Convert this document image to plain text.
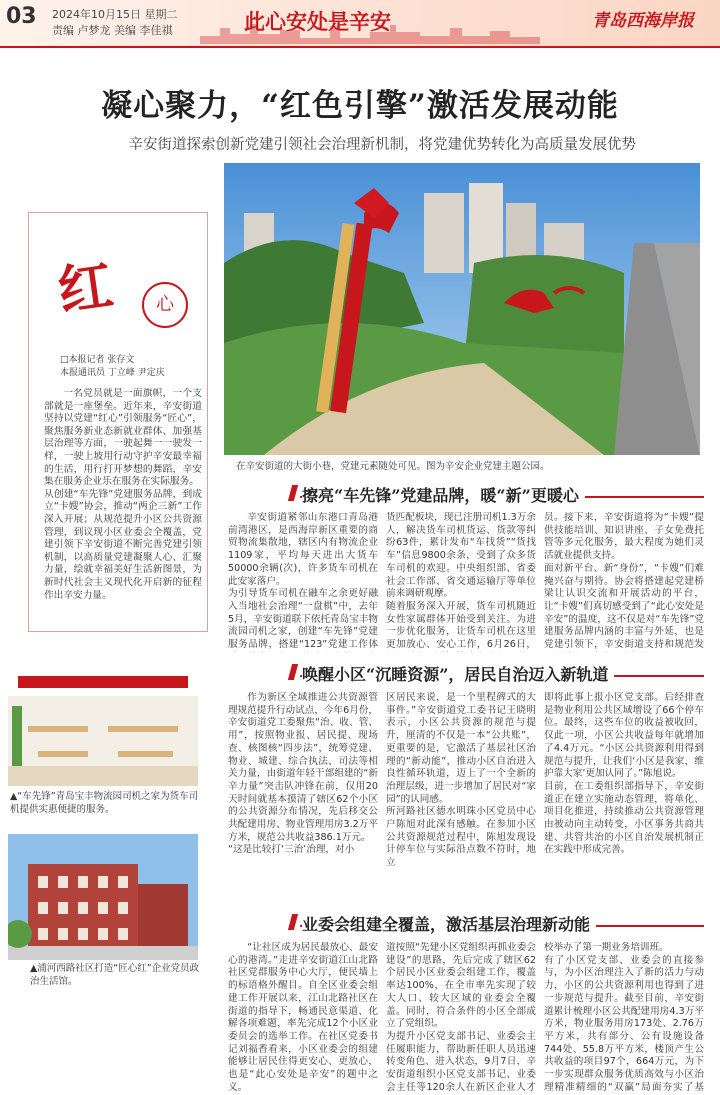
03 2024年10月15日 星期二
责编 卢梦龙 美编 李佳祺	此心安处是辛安	青岛西海岸报
凝心聚力，“红色引擎”激活发展动能
辛安街道探索创新党建引领社会治理新机制，将党建优势转化为高质量发展优势
在辛安街道的大街小巷，党建元素随处可见。图为辛安企业党建主题公园。
红	心
□本报记者 张存文
本报通讯员 丁立峰 尹定庆
一名党员就是一面旗帜，一个支部就是一座堡垒。近年来，辛安街道坚持以党建“红心”引领服务“匠心”，聚焦服务新业态新就业群体、加强基层治理等方面，一驶起舞一一驶发一样，一驶上坡用行动守护辛安最幸福的生活，用行打开梦想的舞蹈，辛安集在服务企业乐在服务在实际服务。
从创建“车先锋”党建服务品牌，到成立“卡嫂”协会，推动“两企三新”工作深入开展；从规范提升小区公共资源管理，到议现小区业委会全覆盖，党建引领下辛安街道不断完善党建引领机制，以高质量党建凝聚人心、汇聚力量，绘就幸福美好生活新图景，为新时代社会主义现代化开启新的征程作出辛安力量。
▲“车先锋”青岛宝丰物流园司机之家为货车司机提供实惠便捷的服务。
▲浦河西路社区打造“匠心红”企业党员政治生活馆。
擦亮“车先锋”党建品牌，暖“新”更暖心
辛安街道紧邻山东港口青岛港前湾港区，是西海岸新区重要的商贸物流集散地，辖区内有物流企业1109家，平均每天进出大货车50000余辆(次)，许多货车司机在此安家落户。
为引导货车司机在融车之余更好融入当地社会治理“一盘棋”中，去年5月，辛安街道联下依托青岛宝丰物流园司机之家，创建“车先锋”党建服务品牌，搭建“123”党建工作体
货匹配板块，现已注册司机1.3万余人，解决货车司机货运、货款等纠纷63件，累计发布“车找货”“货找车”信息9800余条，受到了众多货车司机的欢迎。中央组织部、省委社会工作部、省交通运输厅等单位前来调研观摩。
随着服务深入开展，货车司机随近女性家属群体开始受到关注。为进一步优化服务，让货车司机在这里更加放心、安心工作，6月26日，
员。接下来，辛安街道将为“卡嫂”提供技能培训、知识讲座、子女免费托管等多元化服务，最大程度为她们灵活就业提供支持。
面对新平台、新“身份”，“卡嫂”们难掩兴奋与期待。协会将搭建起党建桥梁让认识交流和开展活动的平台，让“卡嫂”们真切感受到了“此心安处是辛安”的温度，这不仅是对“车先锋”党建服务品牌内涵的丰富与外延，也是党建引领下，辛安街道支持和规范发
唤醒小区“沉睡资源”，居民自治迈入新轨道
作为新区全域推进公共资源管理规范提升行动试点，今年6月份，辛安街道党工委聚焦“治、收、管、用”，按照物业报、居民提、现场查、核图核“四步法”，统筹党建、物业、城建、综合执法、司法等相关力量，由街道年轻干部组建的“新辛力量”突击队冲锋在前，仅用20天时间就基本摸清了辖区62个小区的公共资源分布情况，先后移交公共配建用房、物业管理用房3.2万平方米，规范公共收益386.1万元。
“这是比较打‘三治’治理，对小
区居民来说，是一个里程碑式的大事件。”辛安街道党工委书记王晓明表示，小区公共资源的规范与提升，厘清的不仅是一本“公共账”，更重要的是，它激活了基层社区治理的“新动能”，推动小区自治进入良性循环轨道，迈上了一个全新的治理层级，进一步增加了居民对“家园”的认同感。
所河路社区德水明珠小区党员中心户陈旭对此深有感触。在参加小区公共资源规范过程中，陈旭发现设计停车位与实际沿点数不符时，地立
即将此事上报小区党支部。后经排查是物业利用公共区域增设了66个停车位。最终，这些车位的收益被收回，仅此一项，小区公共收益每年就增加了4.4万元。“小区公共资源利用得到规范与提升，让我们‘小区是我家，维护靠大家’更加认同了。”陈旭说。
目前，在工委组织部指导下，辛安街道正在建立实施动态管理，将单化、项目化推进，持续推动公共资源管理由被动向主动转变，小区事务共商共建、共管共治的小区自治发展机制正在实践中形成完善。
业委会组建全覆盖，激活基层治理新动能
“让社区成为居民最放心、最安心的港湾。”走进辛安街道江山北路社区党群服务中心大厅，便民墙上的标语格外醒目。自全区业委会组建工作开展以来，江山北路社区在街道的指导下，畅通民意渠道、化解各项难题，率先完成12个小区业委员会的选举工作。在社区党委书记刘福香看来，小区业委会的组建能够让居民住得更安心、更放心，也是“此心安处是辛安”的题中之义。

道按照“先建小区党组织再抓业委会建设”的思路，先后完成了辖区62个居民小区业委会组建工作，覆盖率达100%，在全市率先实现了较大人口、较大区域的业委会全覆盖。同时，符合条件的小区全部成立了党组织。
为提升小区党支部书记、业委会主任履职能力，帮助新任职人员迅速转变角色、进入状态，9月7日，辛安街道组织小区党支部书记、业委会主任等120余人在新区企业人才
校举办了第一期业务培训班。
有了小区党支部、业委会的直接参与，为小区治理注入了新的活力与动力，小区的公共资源利用也得到了进一步规范与提升。截至目前，辛安街道累计梳理小区公共配建用房4.3万平方米，物业服务用房173处、2.76万平方米，共有部分、公有设施设备744处、55.8万平方米，楼顶产生公共收益的项目97个，664万元，为下一步实现群众服务优质高效与小区治理精准精细的“双赢”局面夯实了基
